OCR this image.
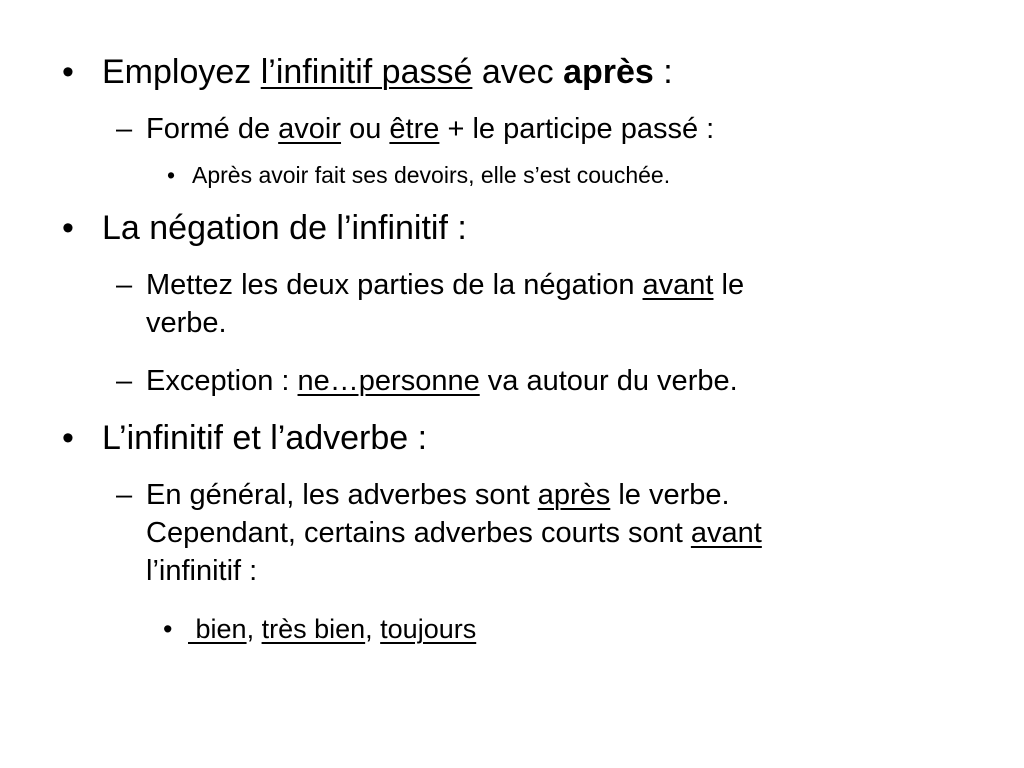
• Employez l’infinitif passé avec après :
– Formé de avoir ou être + le participe passé :
• Après avoir fait ses devoirs, elle s’est couchée.
• La négation de l’infinitif :
– Mettez les deux parties de la négation avant le
verbe.
– Exception : ne…personne va autour du verbe.
• L’infinitif et l’adverbe :
– En général, les adverbes sont après le verbe.
Cependant, certains adverbes courts sont avant
l’infinitif :
• bien, très bien, toujours
